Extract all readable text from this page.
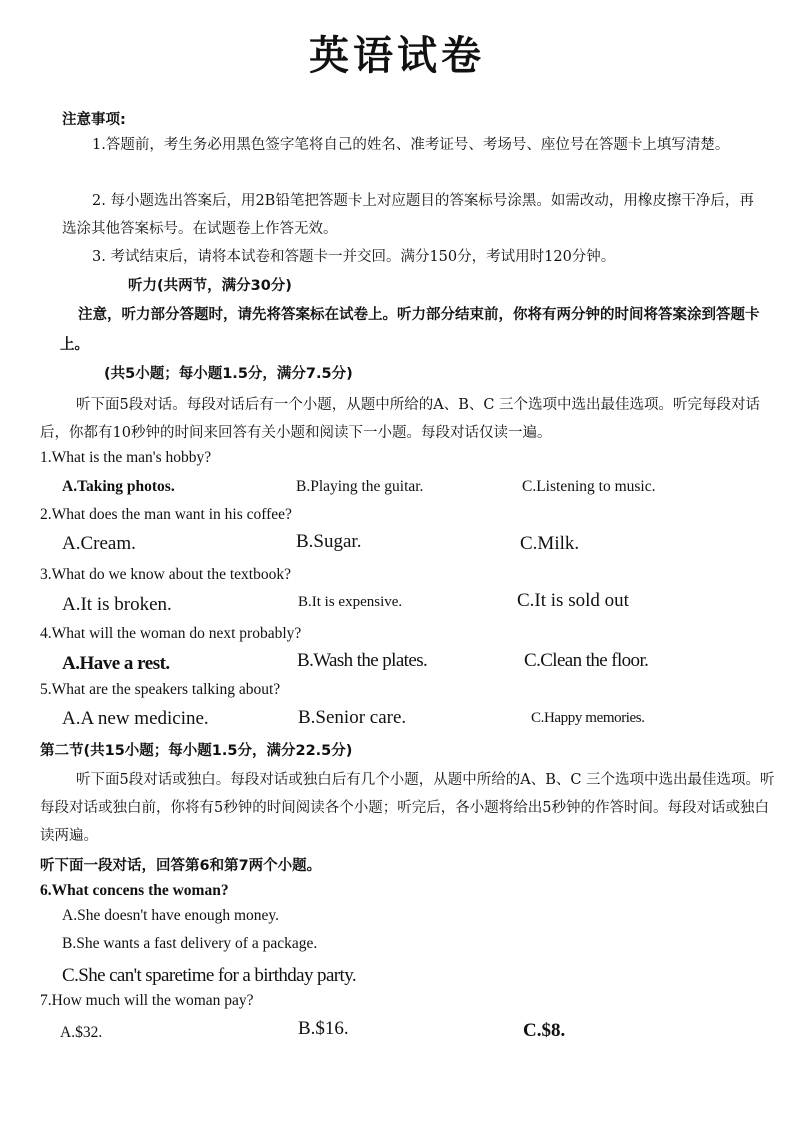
英语试卷
注意事项:
1.答题前，考生务必用黑色签字笔将自己的姓名、准考证号、考场号、座位号在答题卡上填写清楚。
2. 每小题选出答案后，用2B铅笔把答题卡上对应题目的答案标号涂黑。如需改动，用橡皮擦干净后，再选涂其他答案标号。在试题卷上作答无效。
3. 考试结束后，请将本试卷和答题卡一并交回。满分150分，考试用时120分钟。
听力(共两节，满分30分)
注意，听力部分答题时，请先将答案标在试卷上。听力部分结束前，你将有两分钟的时间将答案涂到答题卡上。
(共5小题；每小题1.5分，满分7.5分)
听下面5段对话。每段对话后有一个小题，从题中所给的A、B、C 三个选项中选出最佳选项。听完每段对话后，你都有10秒钟的时间来回答有关小题和阅读下一小题。每段对话仅读一遍。
1.What is the man's hobby?
A.Taking photos.	B.Playing the guitar.	C.Listening to music.
2.What does the man want in his coffee?
A.Cream.	B.Sugar.	C.Milk.
3.What do we know about the textbook?
A.It is broken.	B.It is expensive.	C.It is sold out
4.What will the woman do next probably?
A.Have a rest.	B.Wash the plates.	C.Clean the floor.
5.What are the speakers talking about?
A.A new medicine.	B.Senior care.	C.Happy memories.
第二节(共15小题；每小题1.5分，满分22.5分)
听下面5段对话或独白。每段对话或独白后有几个小题，从题中所给的A、B、C 三个选项中选出最佳选项。听每段对话或独白前，你将有5秒钟的时间阅读各个小题；听完后，各小题将给出5秒钟的作答时间。每段对话或独白读两遍。
听下面一段对话，回答第6和第7两个小题。
6.What concens the woman?
A.She doesn't have enough money.
B.She wants a fast delivery of a package.
C.She can't sparetime for a birthday party.
7.How much will the woman pay?
A.$32.	B.$16.	C.$8.
